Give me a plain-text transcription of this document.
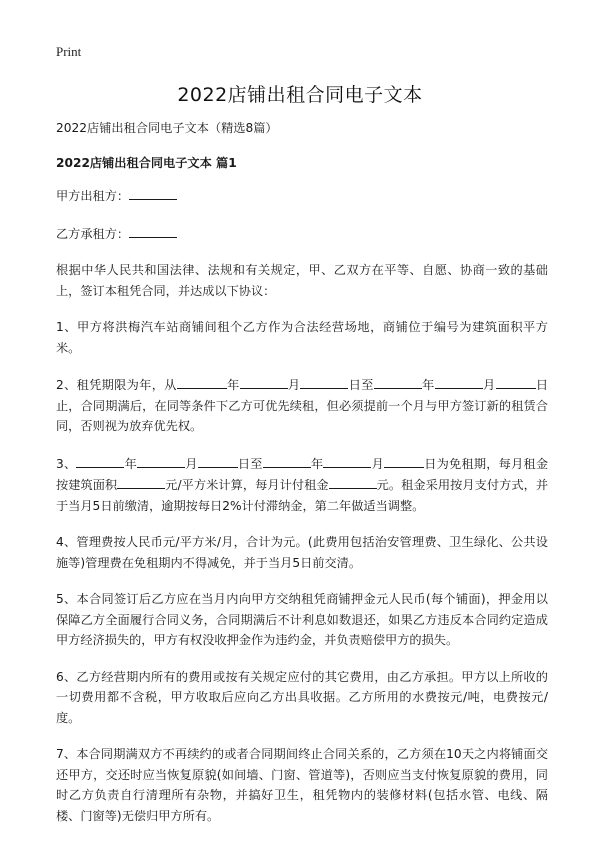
Print
2022店铺出租合同电子文本

2022店铺出租合同电子文本（精选8篇）

2022店铺出租合同电子文本 篇1

甲方出租方：

乙方承租方：

根据中华人民共和国法律、法规和有关规定，甲、乙双方在平等、自愿、协商一致的基础上，签订本租凭合同，并达成以下协议：

1、甲方将洪梅汽车站商铺间租个乙方作为合法经营场地，商铺位于编号为建筑面积平方米。

2、租凭期限为年，从	年	月	日至	年	月	日止，合同期满后，在同等条件下乙方可优先续租，但必须提前一个月与甲方签订新的租赁合同，否则视为放弃优先权。

3、	年	月	日至	年	月	日为免租期，每月租金按建筑面积	元/平方米计算，每月计付租金	元。租金采用按月支付方式，并于当月5日前缴清，逾期按每日2%计付滞纳金，第二年做适当调整。

4、管理费按人民币元/平方米/月，合计为元。(此费用包括治安管理费、卫生绿化、公共设施等)管理费在免租期内不得减免，并于当月5日前交清。

5、本合同签订后乙方应在当月内向甲方交纳租凭商铺押金元人民币(每个铺面)，押金用以保障乙方全面履行合同义务，合同期满后不计利息如数退还，如果乙方违反本合同约定造成甲方经济损失的，甲方有权没收押金作为违约金，并负责赔偿甲方的损失。

6、乙方经营期内所有的费用或按有关规定应付的其它费用，由乙方承担。甲方以上所收的一切费用都不含税，甲方收取后应向乙方出具收据。乙方所用的水费按元/吨，电费按元/度。

7、本合同期满双方不再续约的或者合同期间终止合同关系的，乙方须在10天之内将铺面交还甲方，交还时应当恢复原貌(如间墙、门窗、管道等)，否则应当支付恢复原貌的费用，同时乙方负责自行清理所有杂物，并搞好卫生，租凭物内的装修材料(包括水管、电线、隔楼、门窗等)无偿归甲方所有。
